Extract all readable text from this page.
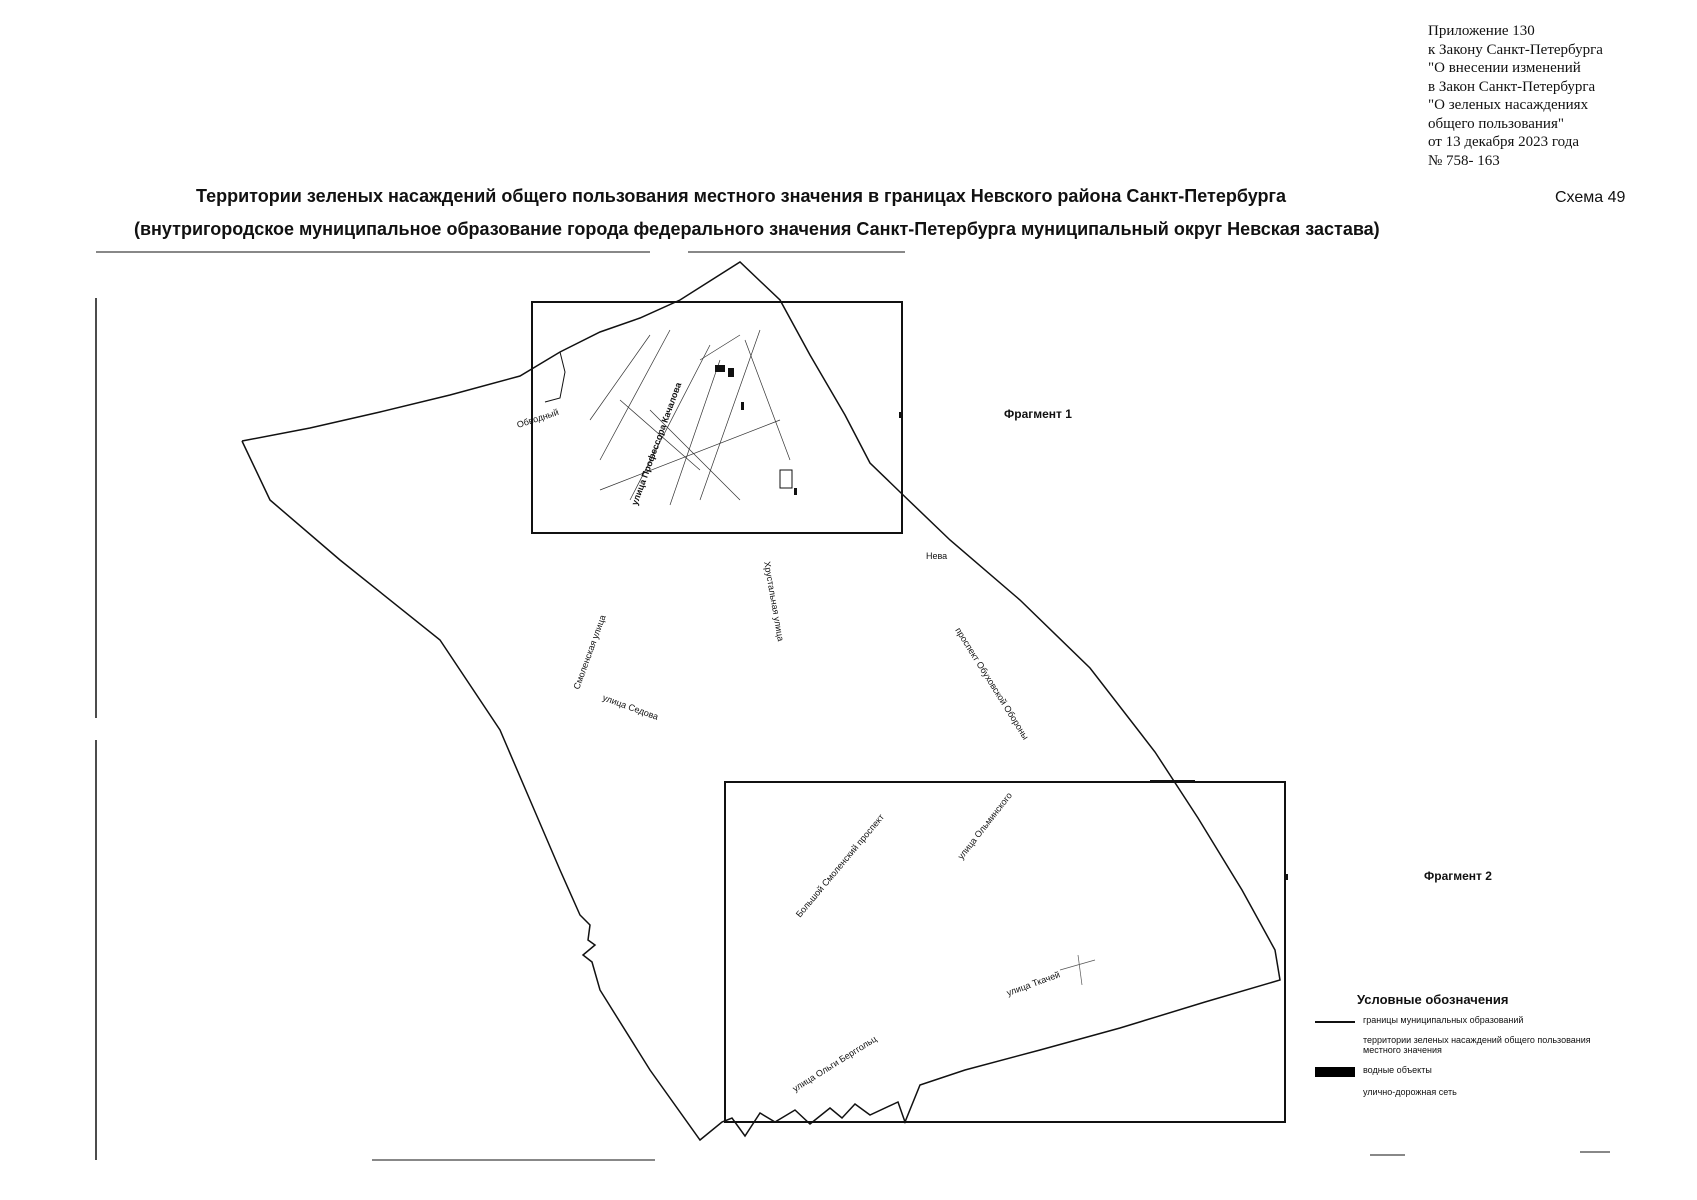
Приложение 130
к Закону Санкт-Петербурга
"О внесении изменений
в Закон Санкт-Петербурга
"О зеленых насаждениях
общего пользования"
от 13 декабря 2023 года
№ 758- 163
Территории зеленых насаждений общего пользования местного значения в границах Невского района Санкт-Петербурга	Схема 49
(внутригородское муниципальное образование города федерального значения Санкт-Петербурга муниципальный округ Невская застава)
Фрагмент 1
Фрагмент 2
Обводный	улица Профессора Качалова
Нева
Хрустальная улица
Смоленская улица
улица Седова	проспект Обуховской Обороны
Большой Смоленский проспект	улица Ольминского
улица Ткачей
улица Ольги Берггольц
Условные обозначения
границы муниципальных образований
территории зеленых насаждений общего пользования местного значения
водные объекты
улично-дорожная сеть
